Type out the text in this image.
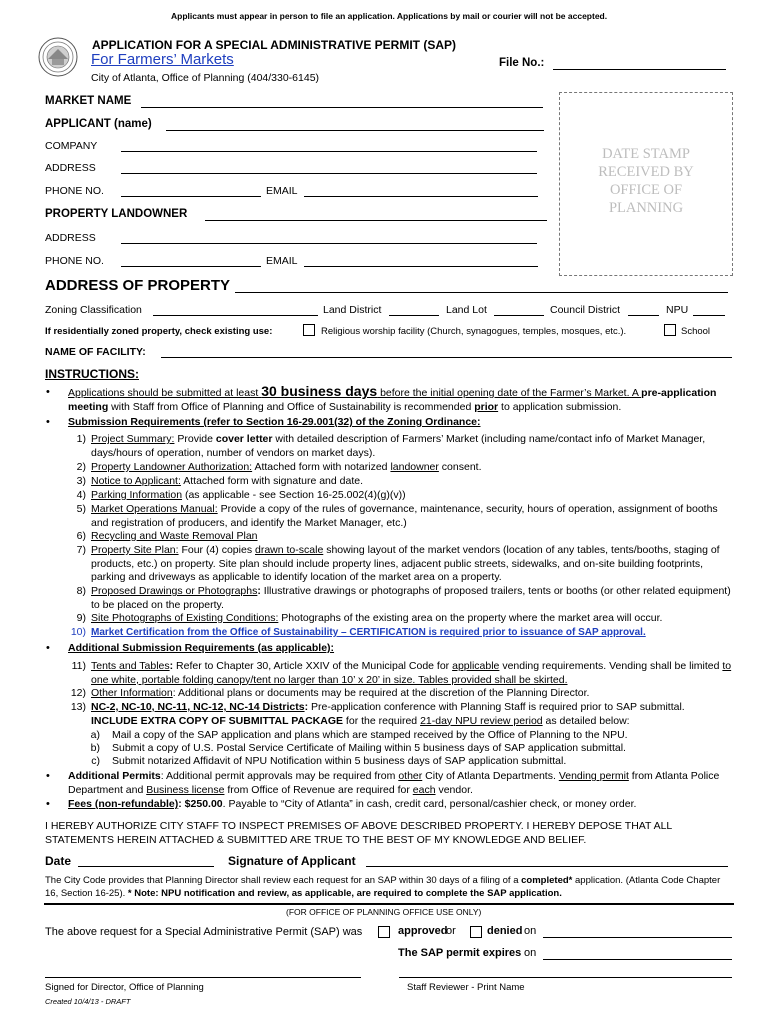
Applicants must appear in person to file an application. Applications by mail or courier will not be accepted.
APPLICATION FOR A SPECIAL ADMINISTRATIVE PERMIT (SAP)
For Farmers’ Markets	File No.:
City of Atlanta, Office of Planning (404/330-6145)
DATE STAMP
RECEIVED BY
OFFICE OF
PLANNING
MARKET NAME
APPLICANT (name)
COMPANY
ADDRESS
PHONE NO.	EMAIL
PROPERTY LANDOWNER
ADDRESS
PHONE NO.	EMAIL
ADDRESS OF PROPERTY
Zoning Classification	Land District	Land Lot	Council District	NPU
If residentially zoned property, check existing use:	Religious worship facility (Church, synagogues, temples, mosques, etc.).	School
NAME OF FACILITY:
INSTRUCTIONS:
• Applications should be submitted at least 30 business days before the initial opening date of the Farmer’s Market. A pre-application meeting with Staff from Office of Planning and Office of Sustainability is recommended prior to application submission.
• Submission Requirements (refer to Section 16-29.001(32) of the Zoning Ordinance:
1) Project Summary: Provide cover letter with detailed description of Farmers’ Market (including name/contact info of Market Manager, days/hours of operation, number of vendors on market days).
2) Property Landowner Authorization: Attached form with notarized landowner consent.
3) Notice to Applicant: Attached form with signature and date.
4) Parking Information (as applicable - see Section 16-25.002(4)(g)(v))
5) Market Operations Manual: Provide a copy of the rules of governance, maintenance, security, hours of operation, assignment of booths and registration of producers, and identify the Market Manager, etc.)
6) Recycling and Waste Removal Plan
7) Property Site Plan: Four (4) copies drawn to-scale showing layout of the market vendors (location of any tables, tents/booths, staging of products, etc.) on property. Site plan should include property lines, adjacent public streets, sidewalks, and on-site building footprints, parking and driveways as applicable to identify location of the market area on a property.
8) Proposed Drawings or Photographs: Illustrative drawings or photographs of proposed trailers, tents or booths (or other related equipment) to be placed on the property.
9) Site Photographs of Existing Conditions: Photographs of the existing area on the property where the market area will occur.
10) Market Certification from the Office of Sustainability – CERTIFICATION is required prior to issuance of SAP approval.
• Additional Submission Requirements (as applicable):
11) Tents and Tables: Refer to Chapter 30, Article XXIV of the Municipal Code for applicable vending requirements. Vending shall be limited to one white, portable folding canopy/tent no larger than 10’ x 20’ in size. Tables provided shall be skirted.
12) Other Information: Additional plans or documents may be required at the discretion of the Planning Director.
13) NC-2, NC-10, NC-11, NC-12, NC-14 Districts: Pre-application conference with Planning Staff is required prior to SAP submittal.
INCLUDE EXTRA COPY OF SUBMITTAL PACKAGE for the required 21-day NPU review period as detailed below:
a) Mail a copy of the SAP application and plans which are stamped received by the Office of Planning to the NPU.
b) Submit a copy of U.S. Postal Service Certificate of Mailing within 5 business days of SAP application submittal.
c) Submit notarized Affidavit of NPU Notification within 5 business days of SAP application submittal.
• Additional Permits: Additional permit approvals may be required from other City of Atlanta Departments. Vending permit from Atlanta Police Department and Business license from Office of Revenue are required for each vendor.
• Fees (non-refundable): $250.00. Payable to “City of Atlanta” in cash, credit card, personal/cashier check, or money order.
I HEREBY AUTHORIZE CITY STAFF TO INSPECT PREMISES OF ABOVE DESCRIBED PROPERTY. I HEREBY DEPOSE THAT ALL STATEMENTS HEREIN ATTACHED & SUBMITTED ARE TRUE TO THE BEST OF MY KNOWLEDGE AND BELIEF.
Date	Signature of Applicant
The City Code provides that Planning Director shall review each request for an SAP within 30 days of a filing of a completed* application. (Atlanta Code Chapter 16, Section 16-25). * Note: NPU notification and review, as applicable, are required to complete the SAP application.
(FOR OFFICE OF PLANNING OFFICE USE ONLY)
The above request for a Special Administrative Permit (SAP) was	approved
or	denied on
The SAP permit expires on
Signed for Director, Office of Planning	Staff Reviewer - Print Name
Created 10/4/13 - DRAFT
